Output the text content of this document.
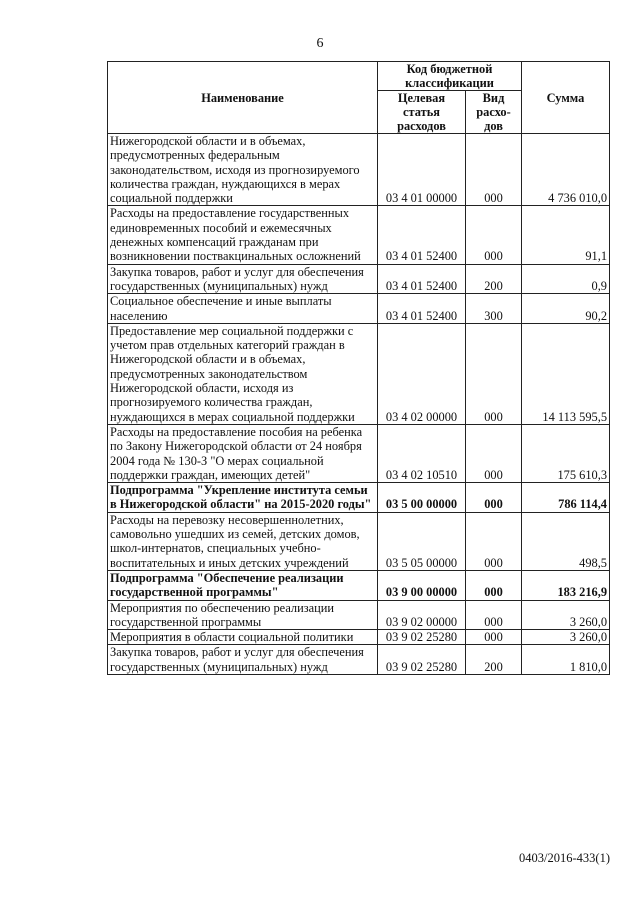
6
Наименование	Код бюджетной классификации		Сумма
	Целевая статья расходов	Вид расхо-дов	
Нижегородской области и в объемах, предусмотренных федеральным законодательством, исходя из прогнозируемого количества граждан, нуждающихся в мерах социальной поддержки	03 4 01 00000	000	4 736 010,0
Расходы на предоставление государственных единовременных пособий и ежемесячных денежных компенсаций гражданам при возникновении поствакцинальных осложнений	03 4 01 52400	000	91,1
Закупка товаров, работ и услуг для обеспечения государственных (муниципальных) нужд	03 4 01 52400	200	0,9
Социальное обеспечение и иные выплаты населению	03 4 01 52400	300	90,2
Предоставление мер социальной поддержки с учетом прав отдельных категорий граждан в Нижегородской области и в объемах, предусмотренных законодательством Нижегородской области, исходя из прогнозируемого количества граждан, нуждающихся в мерах социальной поддержки	03 4 02 00000	000	14 113 595,5
Расходы на предоставление пособия на ребенка по Закону Нижегородской области от 24 ноября 2004 года № 130-З "О мерах социальной поддержки граждан, имеющих детей"	03 4 02 10510	000	175 610,3
Подпрограмма "Укрепление института семьи в Нижегородской области" на 2015-2020 годы"	03 5 00 00000	000	786 114,4
Расходы на перевозку несовершеннолетних, самовольно ушедших из семей, детских домов, школ-интернатов, специальных учебно-воспитательных и иных детских учреждений	03 5 05 00000	000	498,5
Подпрограмма "Обеспечение реализации государственной программы"	03 9 00 00000	000	183 216,9
Мероприятия по обеспечению реализации государственной программы	03 9 02 00000	000	3 260,0
Мероприятия в области социальной политики	03 9 02 25280	000	3 260,0
Закупка товаров, работ и услуг для обеспечения государственных (муниципальных) нужд	03 9 02 25280	200	1 810,0
0403/2016-433(1)
